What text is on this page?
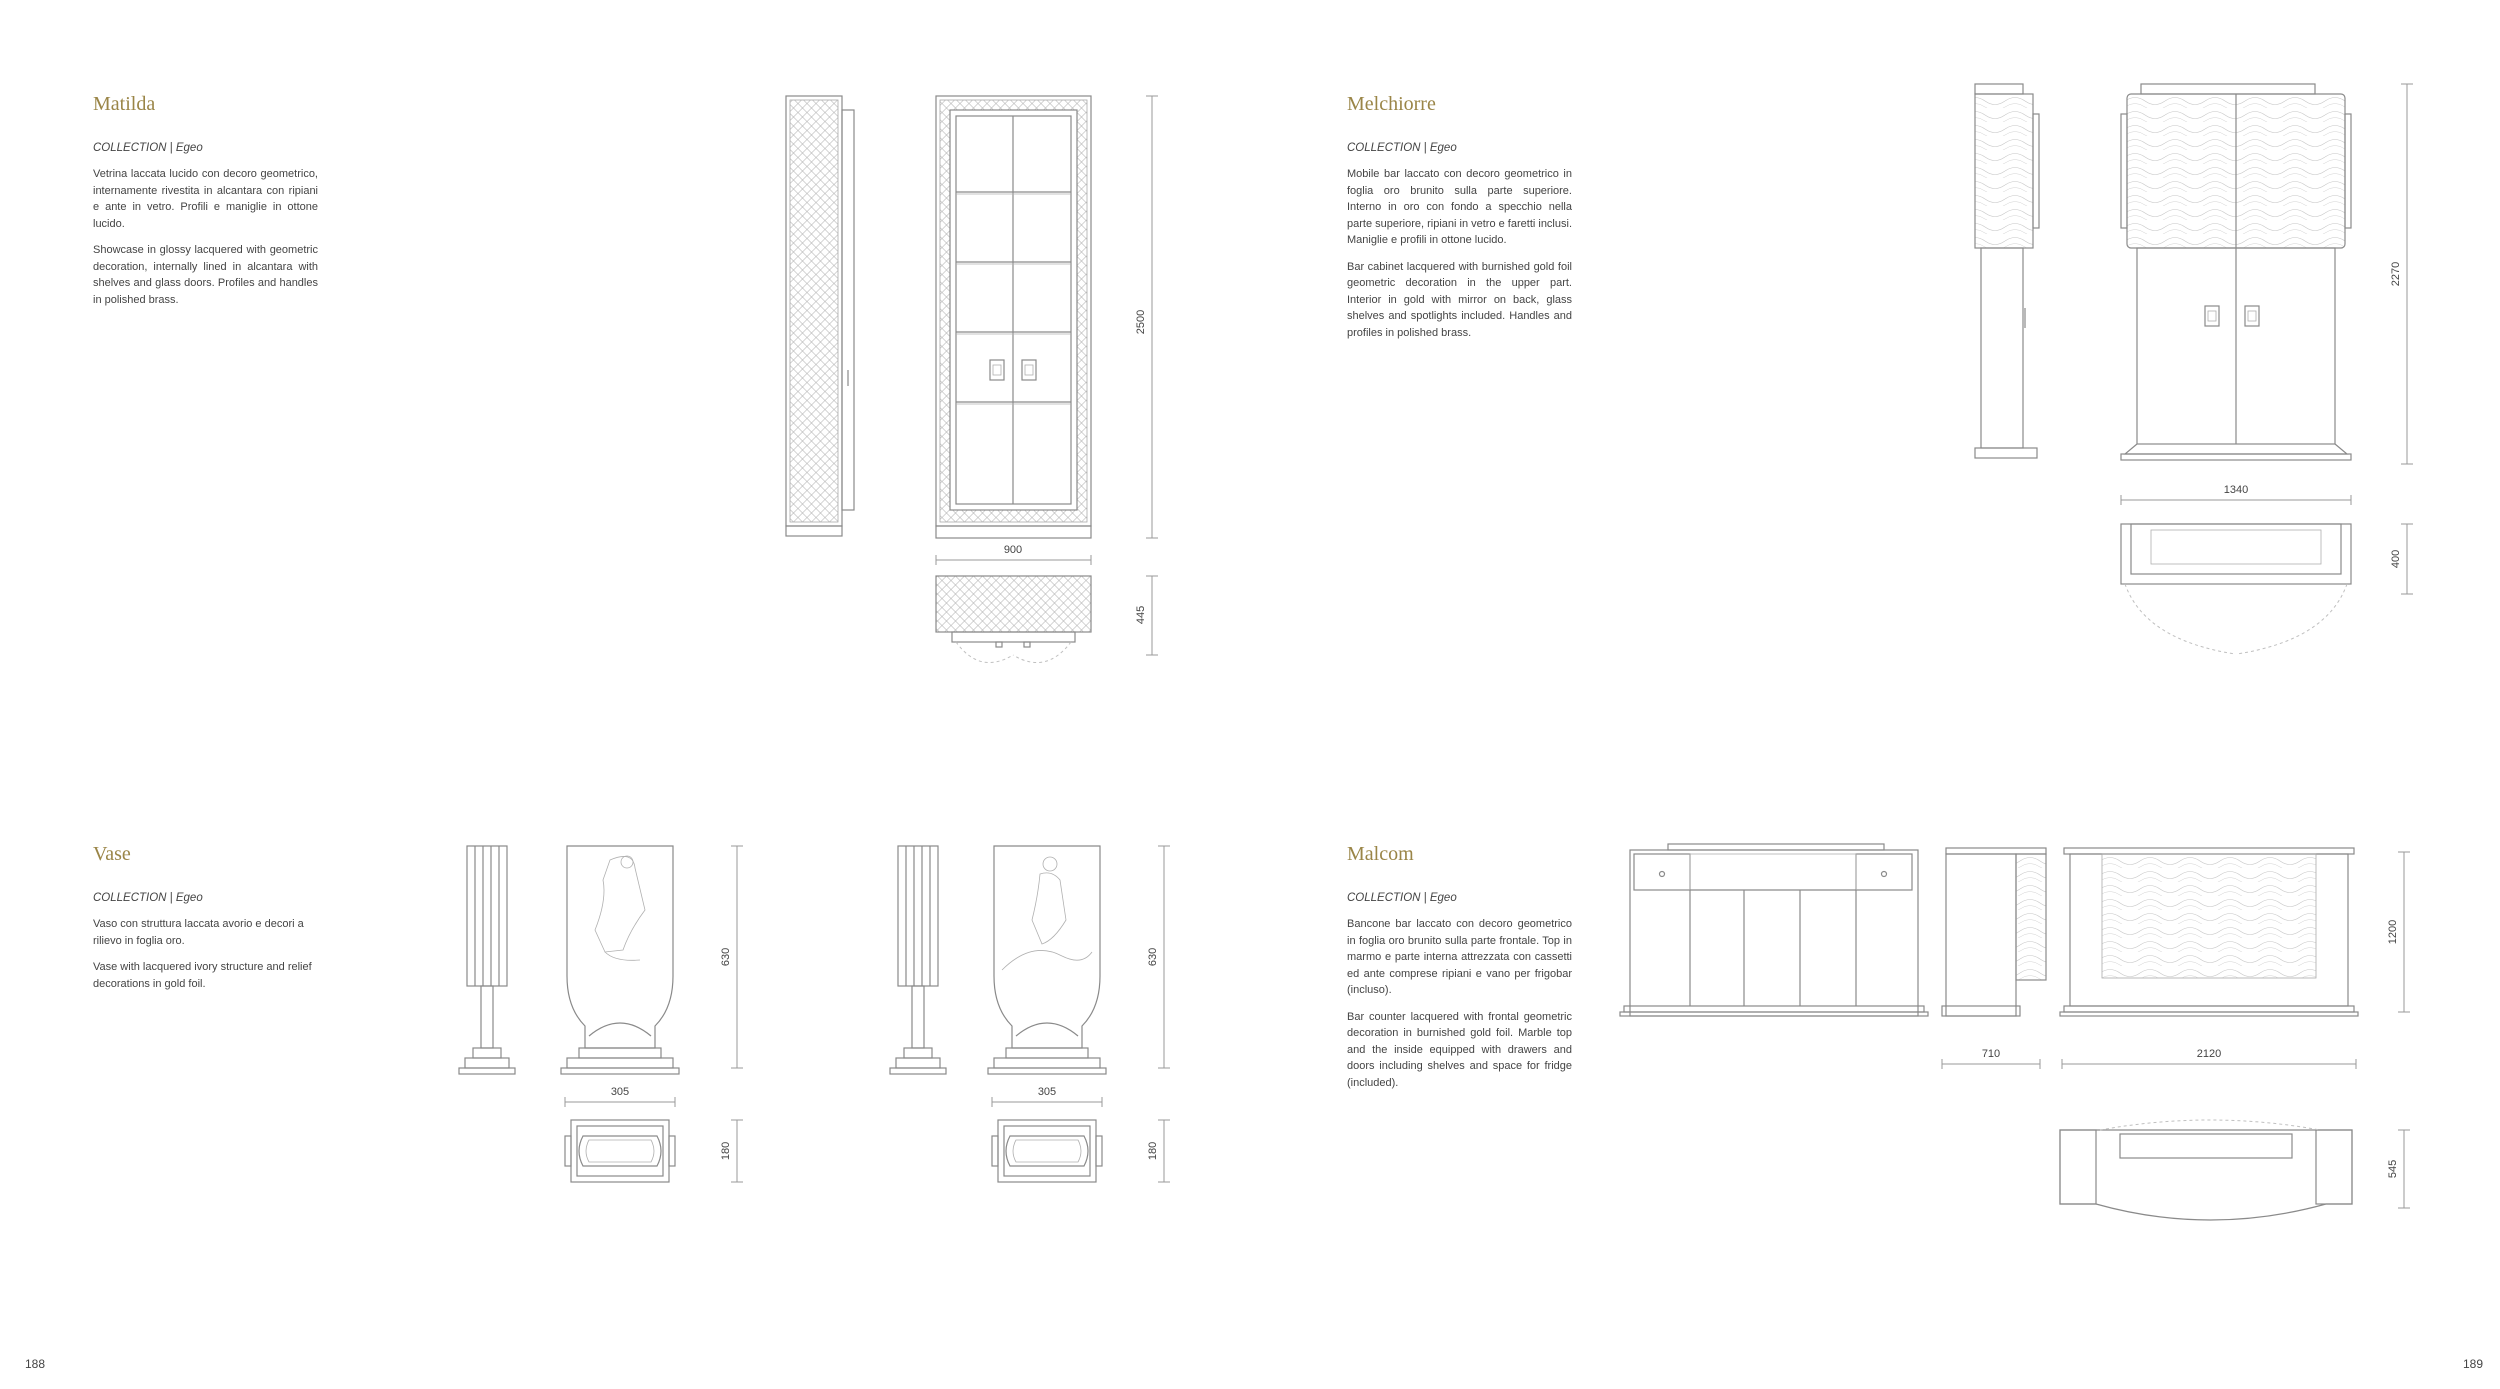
Matilda

COLLECTION | Egeo

Vetrina laccata lucido con decoro geometrico, internamente rivestita in alcantara con ripiani e ante in vetro. Profili e maniglie in ottone lucido.

Showcase in glossy lacquered with geometric decoration, internally lined in alcantara with shelves and glass doors. Profiles and handles in polished brass.

Melchiorre

COLLECTION | Egeo

Mobile bar laccato con decoro geometrico in foglia oro brunito sulla parte superiore. Interno in oro con fondo a specchio nella parte superiore, ripiani in vetro e faretti inclusi. Maniglie e profili in ottone lucido.

Bar cabinet lacquered with burnished gold foil geometric decoration in the upper part. Interior in gold with mirror on back, glass shelves and spotlights included. Handles and profiles in polished brass.

Vase

COLLECTION | Egeo

Vaso con struttura laccata avorio e decori a rilievo in foglia oro.

Vase with lacquered ivory structure and relief decorations in gold foil.

Malcom

COLLECTION | Egeo

Bancone bar laccato con decoro geometrico in foglia oro brunito sulla parte frontale. Top in marmo e parte interna attrezzata con cassetti ed ante comprese ripiani e vano per frigobar (incluso).

Bar counter lacquered with frontal geometric decoration in burnished gold foil. Marble top and the inside equipped with drawers and doors including shelves and space for fridge (included).

188	189
2500
900
445
2270
1340
400
630
305
180
630
305
180
1200
710	2120
545
